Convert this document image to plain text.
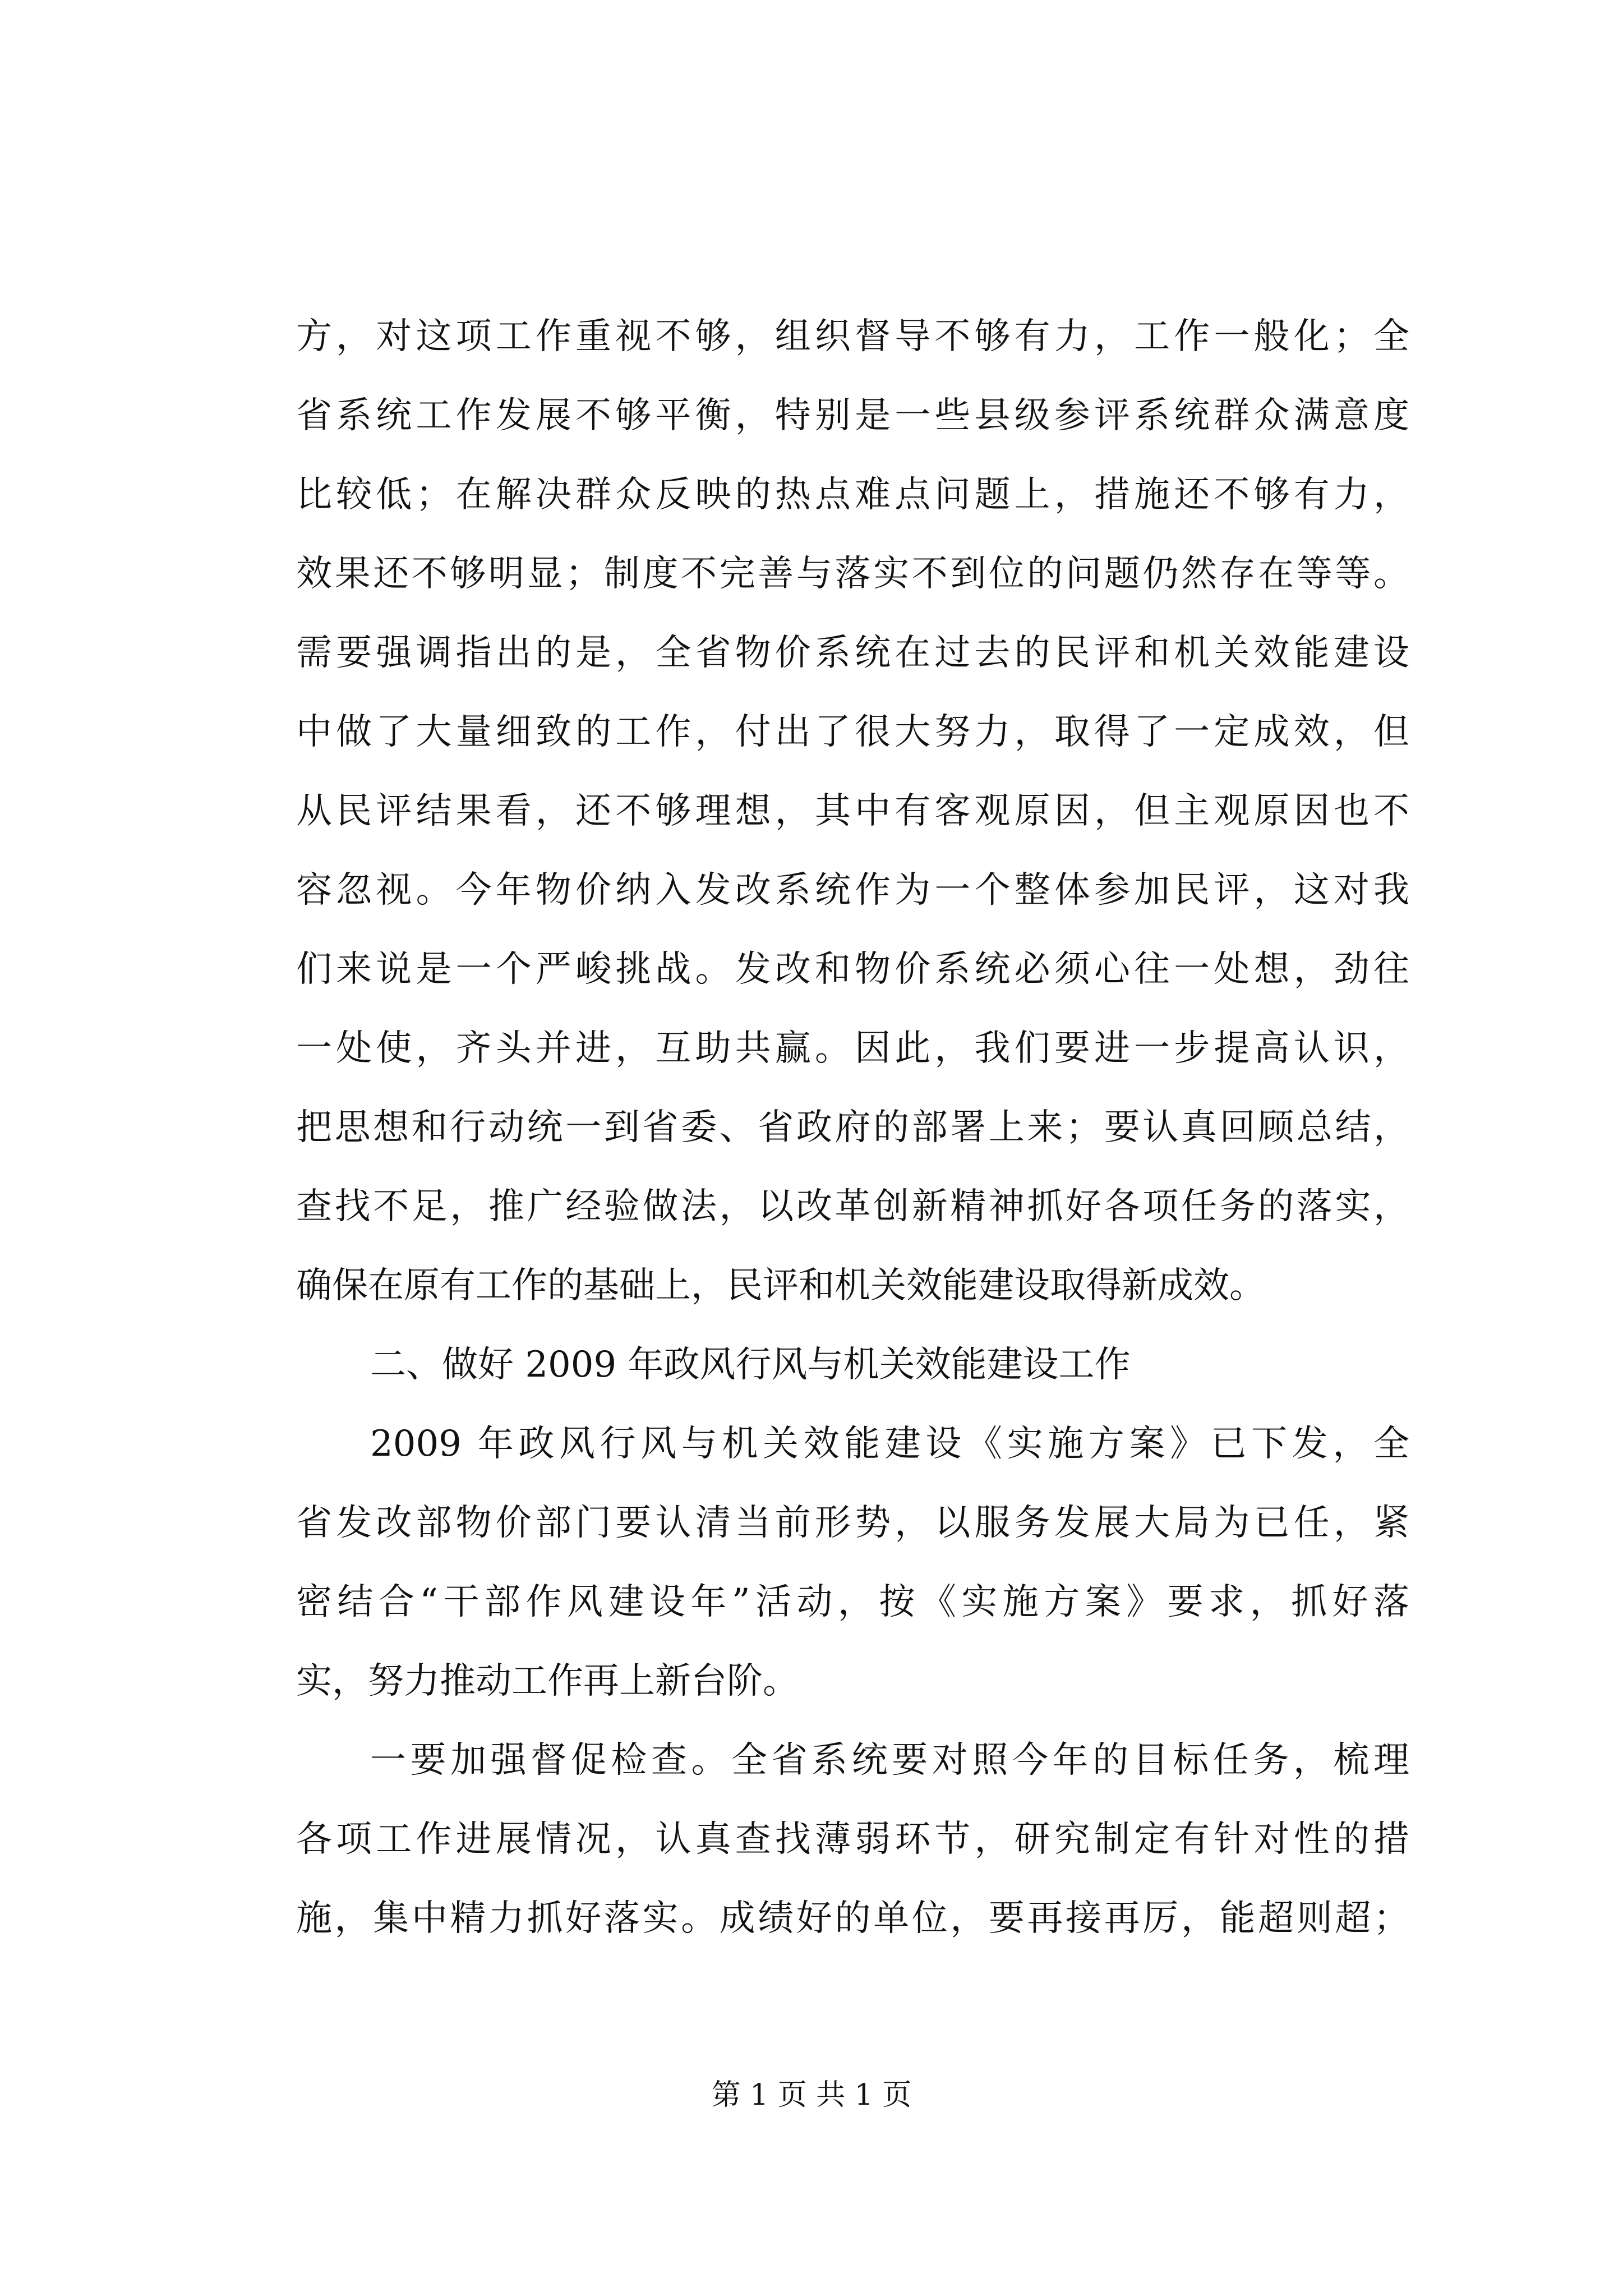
方，对这项工作重视不够，组织督导不够有力，工作一般化；全
省系统工作发展不够平衡，特别是一些县级参评系统群众满意度
比较低；在解决群众反映的热点难点问题上，措施还不够有力，
效果还不够明显；制度不完善与落实不到位的问题仍然存在等等。
需要强调指出的是，全省物价系统在过去的民评和机关效能建设
中做了大量细致的工作，付出了很大努力，取得了一定成效，但
从民评结果看，还不够理想，其中有客观原因，但主观原因也不
容忽视。今年物价纳入发改系统作为一个整体参加民评，这对我
们来说是一个严峻挑战。发改和物价系统必须心往一处想，劲往
一处使，齐头并进，互助共赢。因此，我们要进一步提高认识，
把思想和行动统一到省委、省政府的部署上来；要认真回顾总结，
查找不足，推广经验做法，以改革创新精神抓好各项任务的落实，
确保在原有工作的基础上，民评和机关效能建设取得新成效。
二、做好 2009 年政风行风与机关效能建设工作
2009 年政风行风与机关效能建设《实施方案》已下发，全
省发改部物价部门要认清当前形势，以服务发展大局为已任，紧
密结合“干部作风建设年”活动，按《实施方案》要求，抓好落
实，努力推动工作再上新台阶。
一要加强督促检查。全省系统要对照今年的目标任务，梳理
各项工作进展情况，认真查找薄弱环节，研究制定有针对性的措
施，集中精力抓好落实。成绩好的单位，要再接再厉，能超则超；
第 1 页 共 1 页
